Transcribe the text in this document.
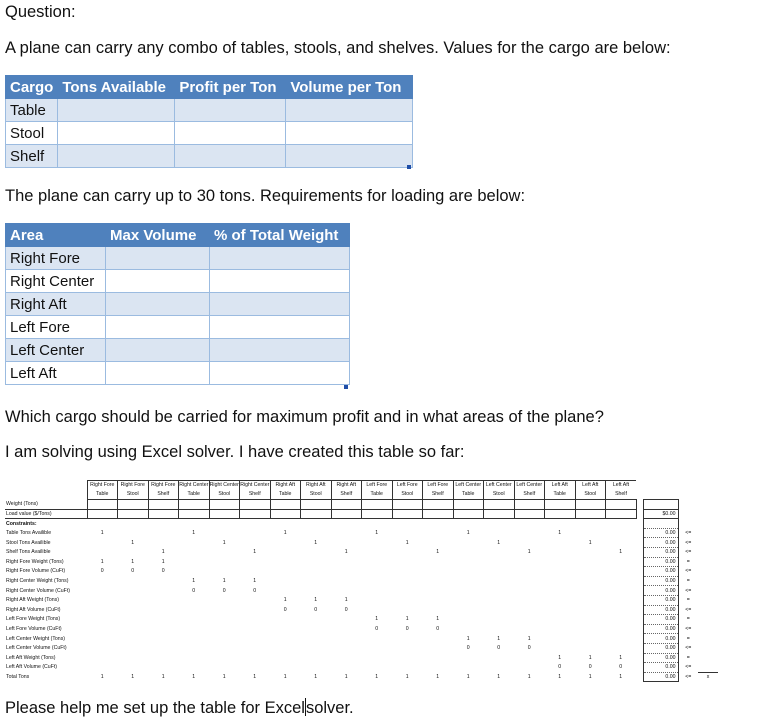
Question:
A plane can carry any combo of tables, stools, and shelves. Values for the cargo are below:
Cargo	Tons Available	Profit per Ton	Volume per Ton
Table			
Stool			
Shelf			
The plane can carry up to 30 tons. Requirements for loading are below:
Area	Max Volume	% of Total Weight
Right Fore		
Right Center		
Right Aft		
Left Fore		
Left Center		
Left Aft		
Which cargo should be carried for maximum profit and in what areas of the plane?
I am solving using Excel solver. I have created this table so far:
	Right Fore	Right Fore	Right Fore	Right Center	Right Center	Right Center	Right Aft	Right Aft	Right Aft	Left Fore	Left Fore	Left Fore	Left Center	Left Center	Left Center	Left Aft	Left Aft	Left Aft				
	Table	Stool	Shelf	Table	Stool	Shelf	Table	Stool	Shelf	Table	Stool	Shelf	Table	Stool	Shelf	Table	Stool	Shelf				
Weight (Tons)																						
Load value ($/Tons)																				$0.00		
Constraints:																						
Table Tons Availible	1			1			1			1			1			1				0.00	<=	
Stool Tons Availible		1			1			1			1			1			1			0.00	<=	
Shelf Tons Availible			1			1			1			1			1			1		0.00	<=	
Right Fore Weight (Tons)	1	1	1																	0.00	=	
Right Fore Volume (CuFt)	0	0	0																	0.00	<=	
Right Center Weight (Tons)				1	1	1														0.00	=	
Right Center Volume (CuFt)				0	0	0														0.00	<=	
Right Aft Weight (Tons)							1	1	1											0.00	=	
Right Aft Volume (CuFt)							0	0	0											0.00	<=	
Left Fore Weight (Tons)										1	1	1								0.00	=	
Left Fore Volume (CuFt)										0	0	0								0.00	<=	
Left Center Weight (Tons)													1	1	1					0.00	=	
Left Center Volume (CuFt)													0	0	0					0.00	<=	
Left Aft Weight (Tons)																1	1	1		0.00	=	
Left Aft Volume (CuFt)																0	0	0		0.00	<=	
Total Tons	1	1	1	1	1	1	1	1	1	1	1	1	1	1	1	1	1	1		0.00	<=	x
Please help me set up the table for Excelsolver.
